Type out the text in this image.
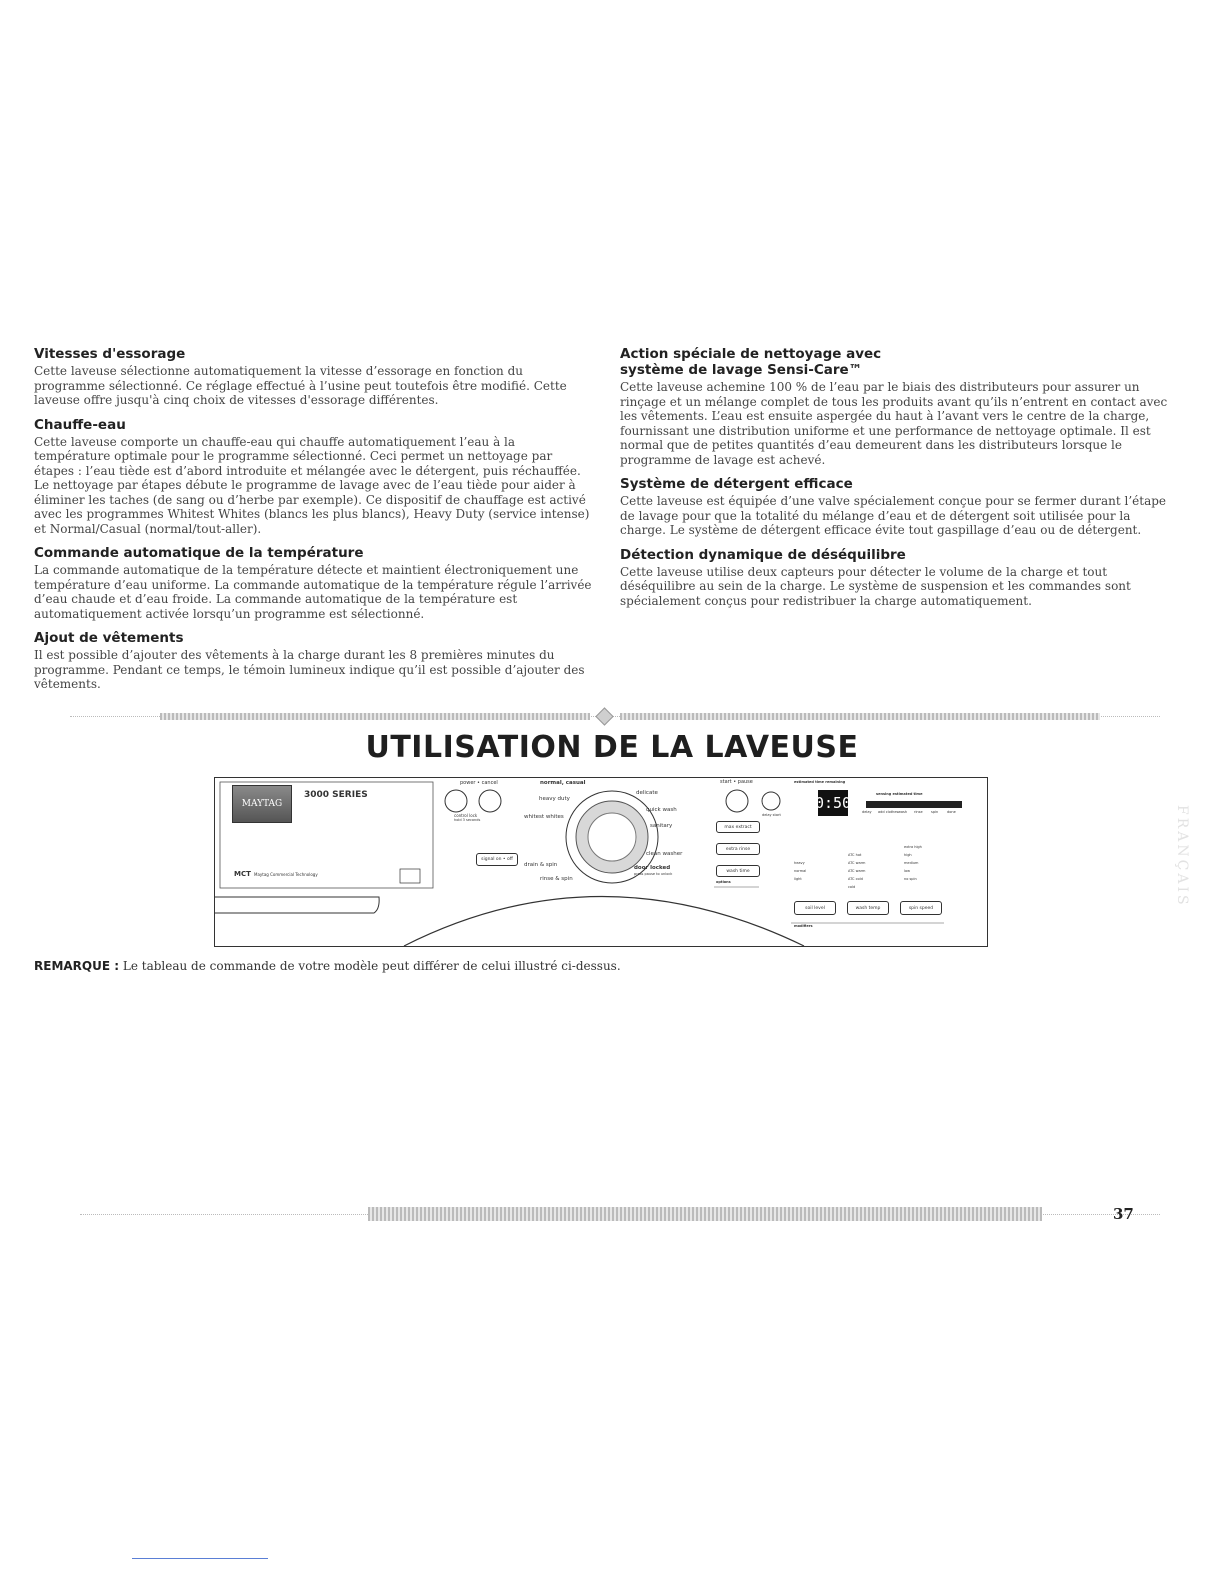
Vitesses d'essorage

Cette laveuse sélectionne automatiquement la vitesse d’essorage en fonction du programme sélectionné. Ce réglage effectué à l’usine peut toutefois être modifié. Cette laveuse offre jusqu'à cinq choix de vitesses d'essorage différentes.

Chauffe-eau

Cette laveuse comporte un chauffe-eau qui chauffe automatiquement l’eau à la température optimale pour le programme sélectionné. Ceci permet un nettoyage par étapes : l’eau tiède est d’abord introduite et mélangée avec le détergent, puis réchauffée. Le nettoyage par étapes débute le programme de lavage avec de l’eau tiède pour aider à éliminer les taches (de sang ou d’herbe par exemple). Ce dispositif de chauffage est activé avec les programmes Whitest Whites (blancs les plus blancs), Heavy Duty (service intense) et Normal/Casual (normal/tout-aller).

Commande automatique de la température

La commande automatique de la température détecte et maintient électroniquement une température d’eau uniforme. La commande automatique de la température régule l’arrivée d’eau chaude et d’eau froide. La commande automatique de la température est automatiquement activée lorsqu’un programme est sélectionné.

Ajout de vêtements

Il est possible d’ajouter des vêtements à la charge durant les 8 premières minutes du programme. Pendant ce temps, le témoin lumineux indique qu’il est possible d’ajouter des vêtements.

Action spéciale de nettoyage avec système de lavage Sensi-Care™

Cette laveuse achemine 100 % de l’eau par le biais des distributeurs pour assurer un rinçage et un mélange complet de tous les produits avant qu’ils n’entrent en contact avec les vêtements. L’eau est ensuite aspergée du haut à l’avant vers le centre de la charge, fournissant une distribution uniforme et une performance de nettoyage optimale. Il est normal que de petites quantités d’eau demeurent dans les distributeurs lorsque le programme de lavage est achevé.

Système de détergent efficace

Cette laveuse est équipée d’une valve spécialement conçue pour se fermer durant l’étape de lavage pour que la totalité du mélange d’eau et de détergent soit utilisée pour la charge. Le système de détergent efficace évite tout gaspillage d’eau ou de détergent.

Détection dynamique de déséquilibre

Cette laveuse utilise deux capteurs pour détecter le volume de la charge et tout déséquilibre au sein de la charge. Le système de suspension et les commandes sont spécialement conçus pour redistribuer la charge automatiquement.

UTILISATION DE LA LAVEUSE
MAYTAG
3000 SERIES
MCT Maytag Commercial Technology
power • cancel
control lock
hold 3 seconds
signal on • off
normal, casual
heavy duty
whitest whites
drain & spin
rinse & spin
delicate
quick wash
sanitary
clean washer
door locked
press pause to unlock
start • pause
delay start
estimated time remaining
0:50	sensing estimated time
delay add clothes wash rinse spin	done
max extract
extra rinse
wash time
options
heavy
normal
light
ATC hot
ATC warm
ATC warm
ATC cold
cold
extra high
high
medium
low
no spin
soil level	wash temp	spin speed
modifiers
REMARQUE : Le tableau de commande de votre modèle peut différer de celui illustré ci-dessus.
FRANÇAIS
37
